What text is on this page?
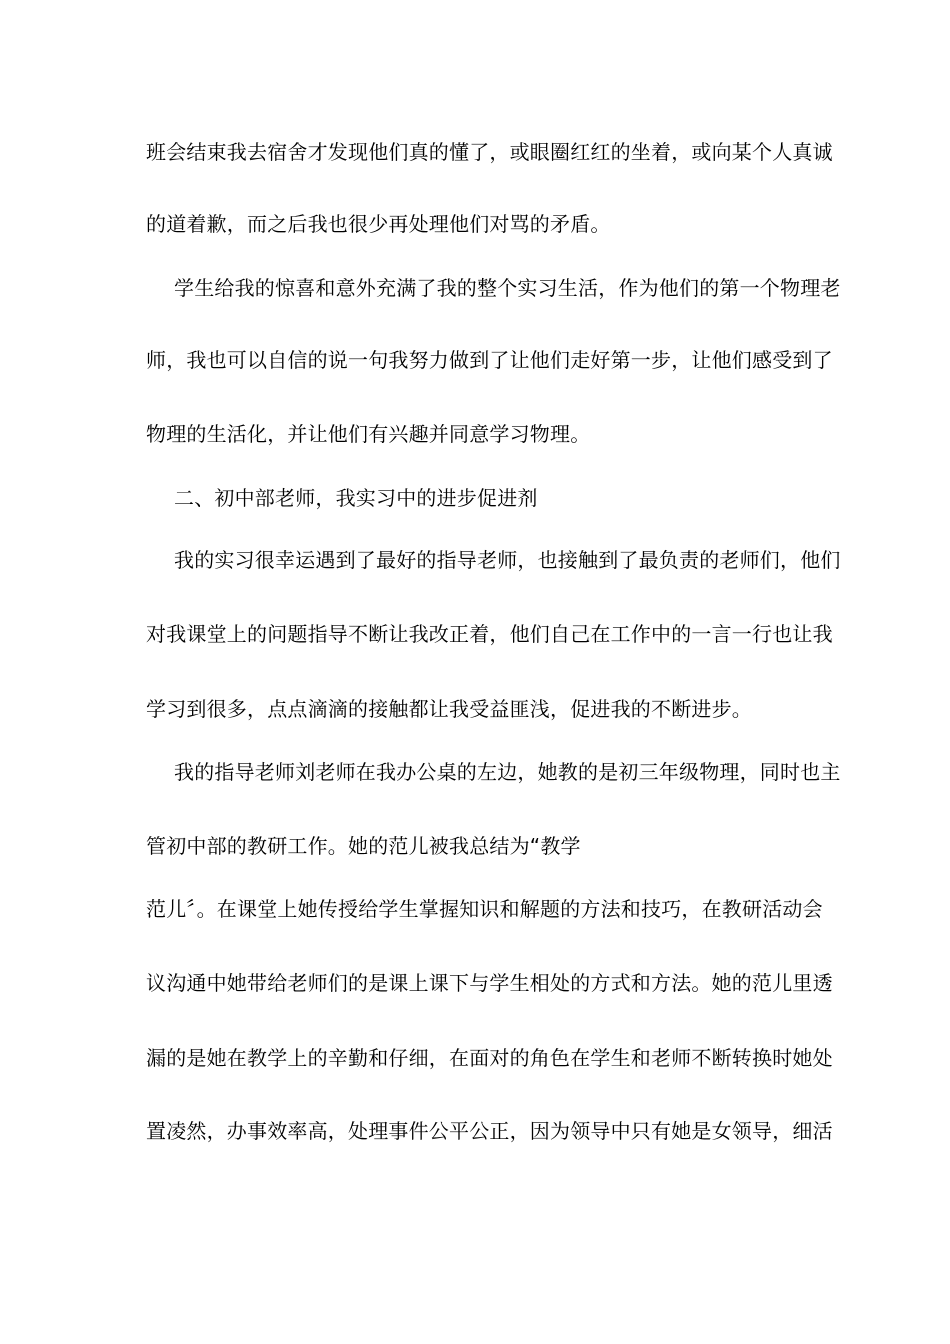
班会结束我去宿舍才发现他们真的懂了，或眼圈红红的坐着，或向某个人真诚
的道着歉，而之后我也很少再处理他们对骂的矛盾。
学生给我的惊喜和意外充满了我的整个实习生活，作为他们的第一个物理老
师，我也可以自信的说一句我努力做到了让他们走好第一步，让他们感受到了
物理的生活化，并让他们有兴趣并同意学习物理。
二、初中部老师，我实习中的进步促进剂
我的实习很幸运遇到了最好的指导老师，也接触到了最负责的老师们，他们
对我课堂上的问题指导不断让我改正着，他们自己在工作中的一言一行也让我
学习到很多，点点滴滴的接触都让我受益匪浅，促进我的不断进步。
我的指导老师刘老师在我办公桌的左边，她教的是初三年级物理，同时也主
管初中部的教研工作。她的范儿被我总结为“教学
范儿〞。在课堂上她传授给学生掌握知识和解题的方法和技巧，在教研活动会
议沟通中她带给老师们的是课上课下与学生相处的方式和方法。她的范儿里透
漏的是她在教学上的辛勤和仔细，在面对的角色在学生和老师不断转换时她处
置凌然，办事效率高，处理事件公平公正，因为领导中只有她是女领导，细活
